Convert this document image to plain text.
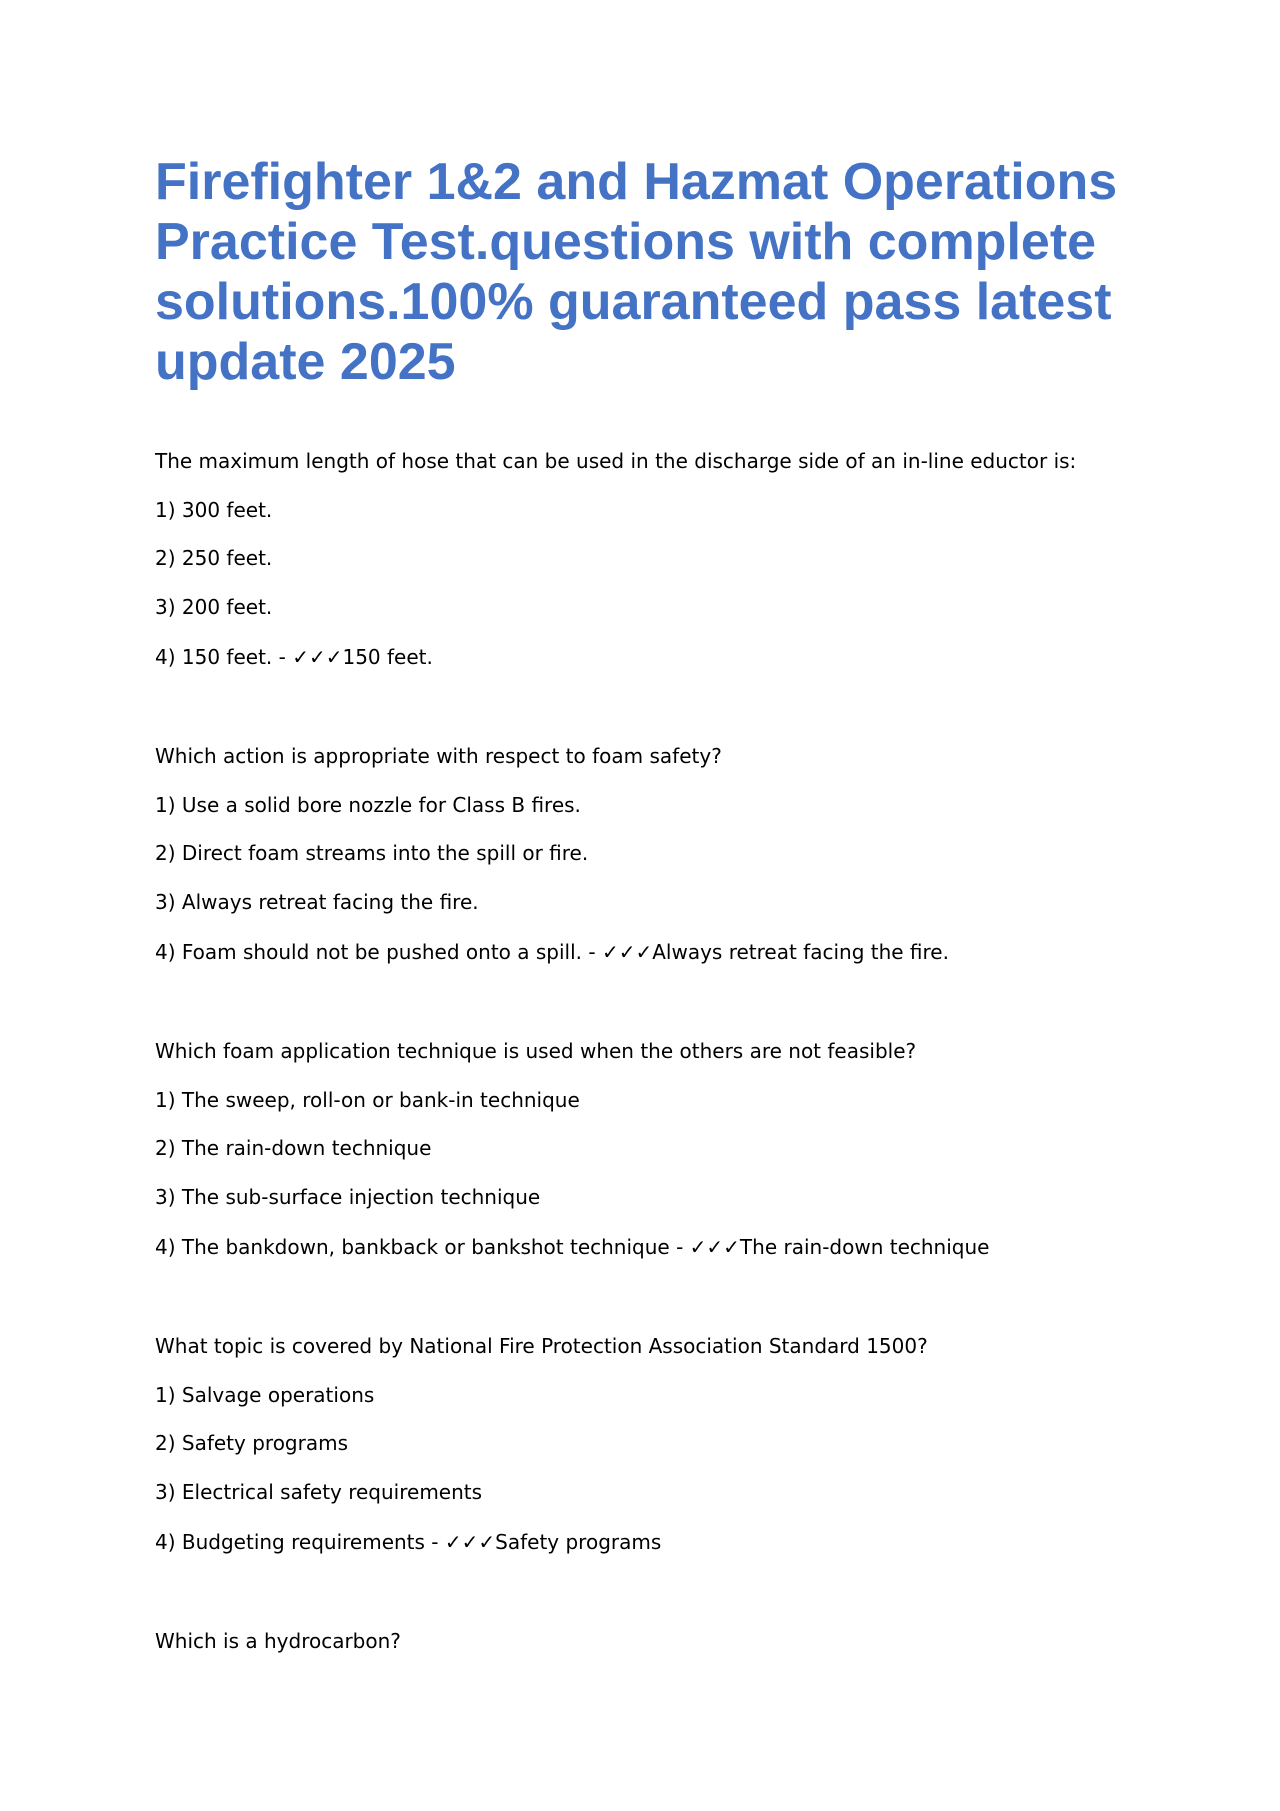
Firefighter 1&2 and Hazmat Operations Practice Test.questions with complete solutions.100% guaranteed pass latest update 2025
The maximum length of hose that can be used in the discharge side of an in-line eductor is:
1) 300 feet.
2) 250 feet.
3) 200 feet.
4) 150 feet. - ✓✓✓150 feet.
Which action is appropriate with respect to foam safety?
1) Use a solid bore nozzle for Class B fires.
2) Direct foam streams into the spill or fire.
3) Always retreat facing the fire.
4) Foam should not be pushed onto a spill. - ✓✓✓Always retreat facing the fire.
Which foam application technique is used when the others are not feasible?
1) The sweep, roll-on or bank-in technique
2) The rain-down technique
3) The sub-surface injection technique
4) The bankdown, bankback or bankshot technique - ✓✓✓The rain-down technique
What topic is covered by National Fire Protection Association Standard 1500?
1) Salvage operations
2) Safety programs
3) Electrical safety requirements
4) Budgeting requirements - ✓✓✓Safety programs
Which is a hydrocarbon?
